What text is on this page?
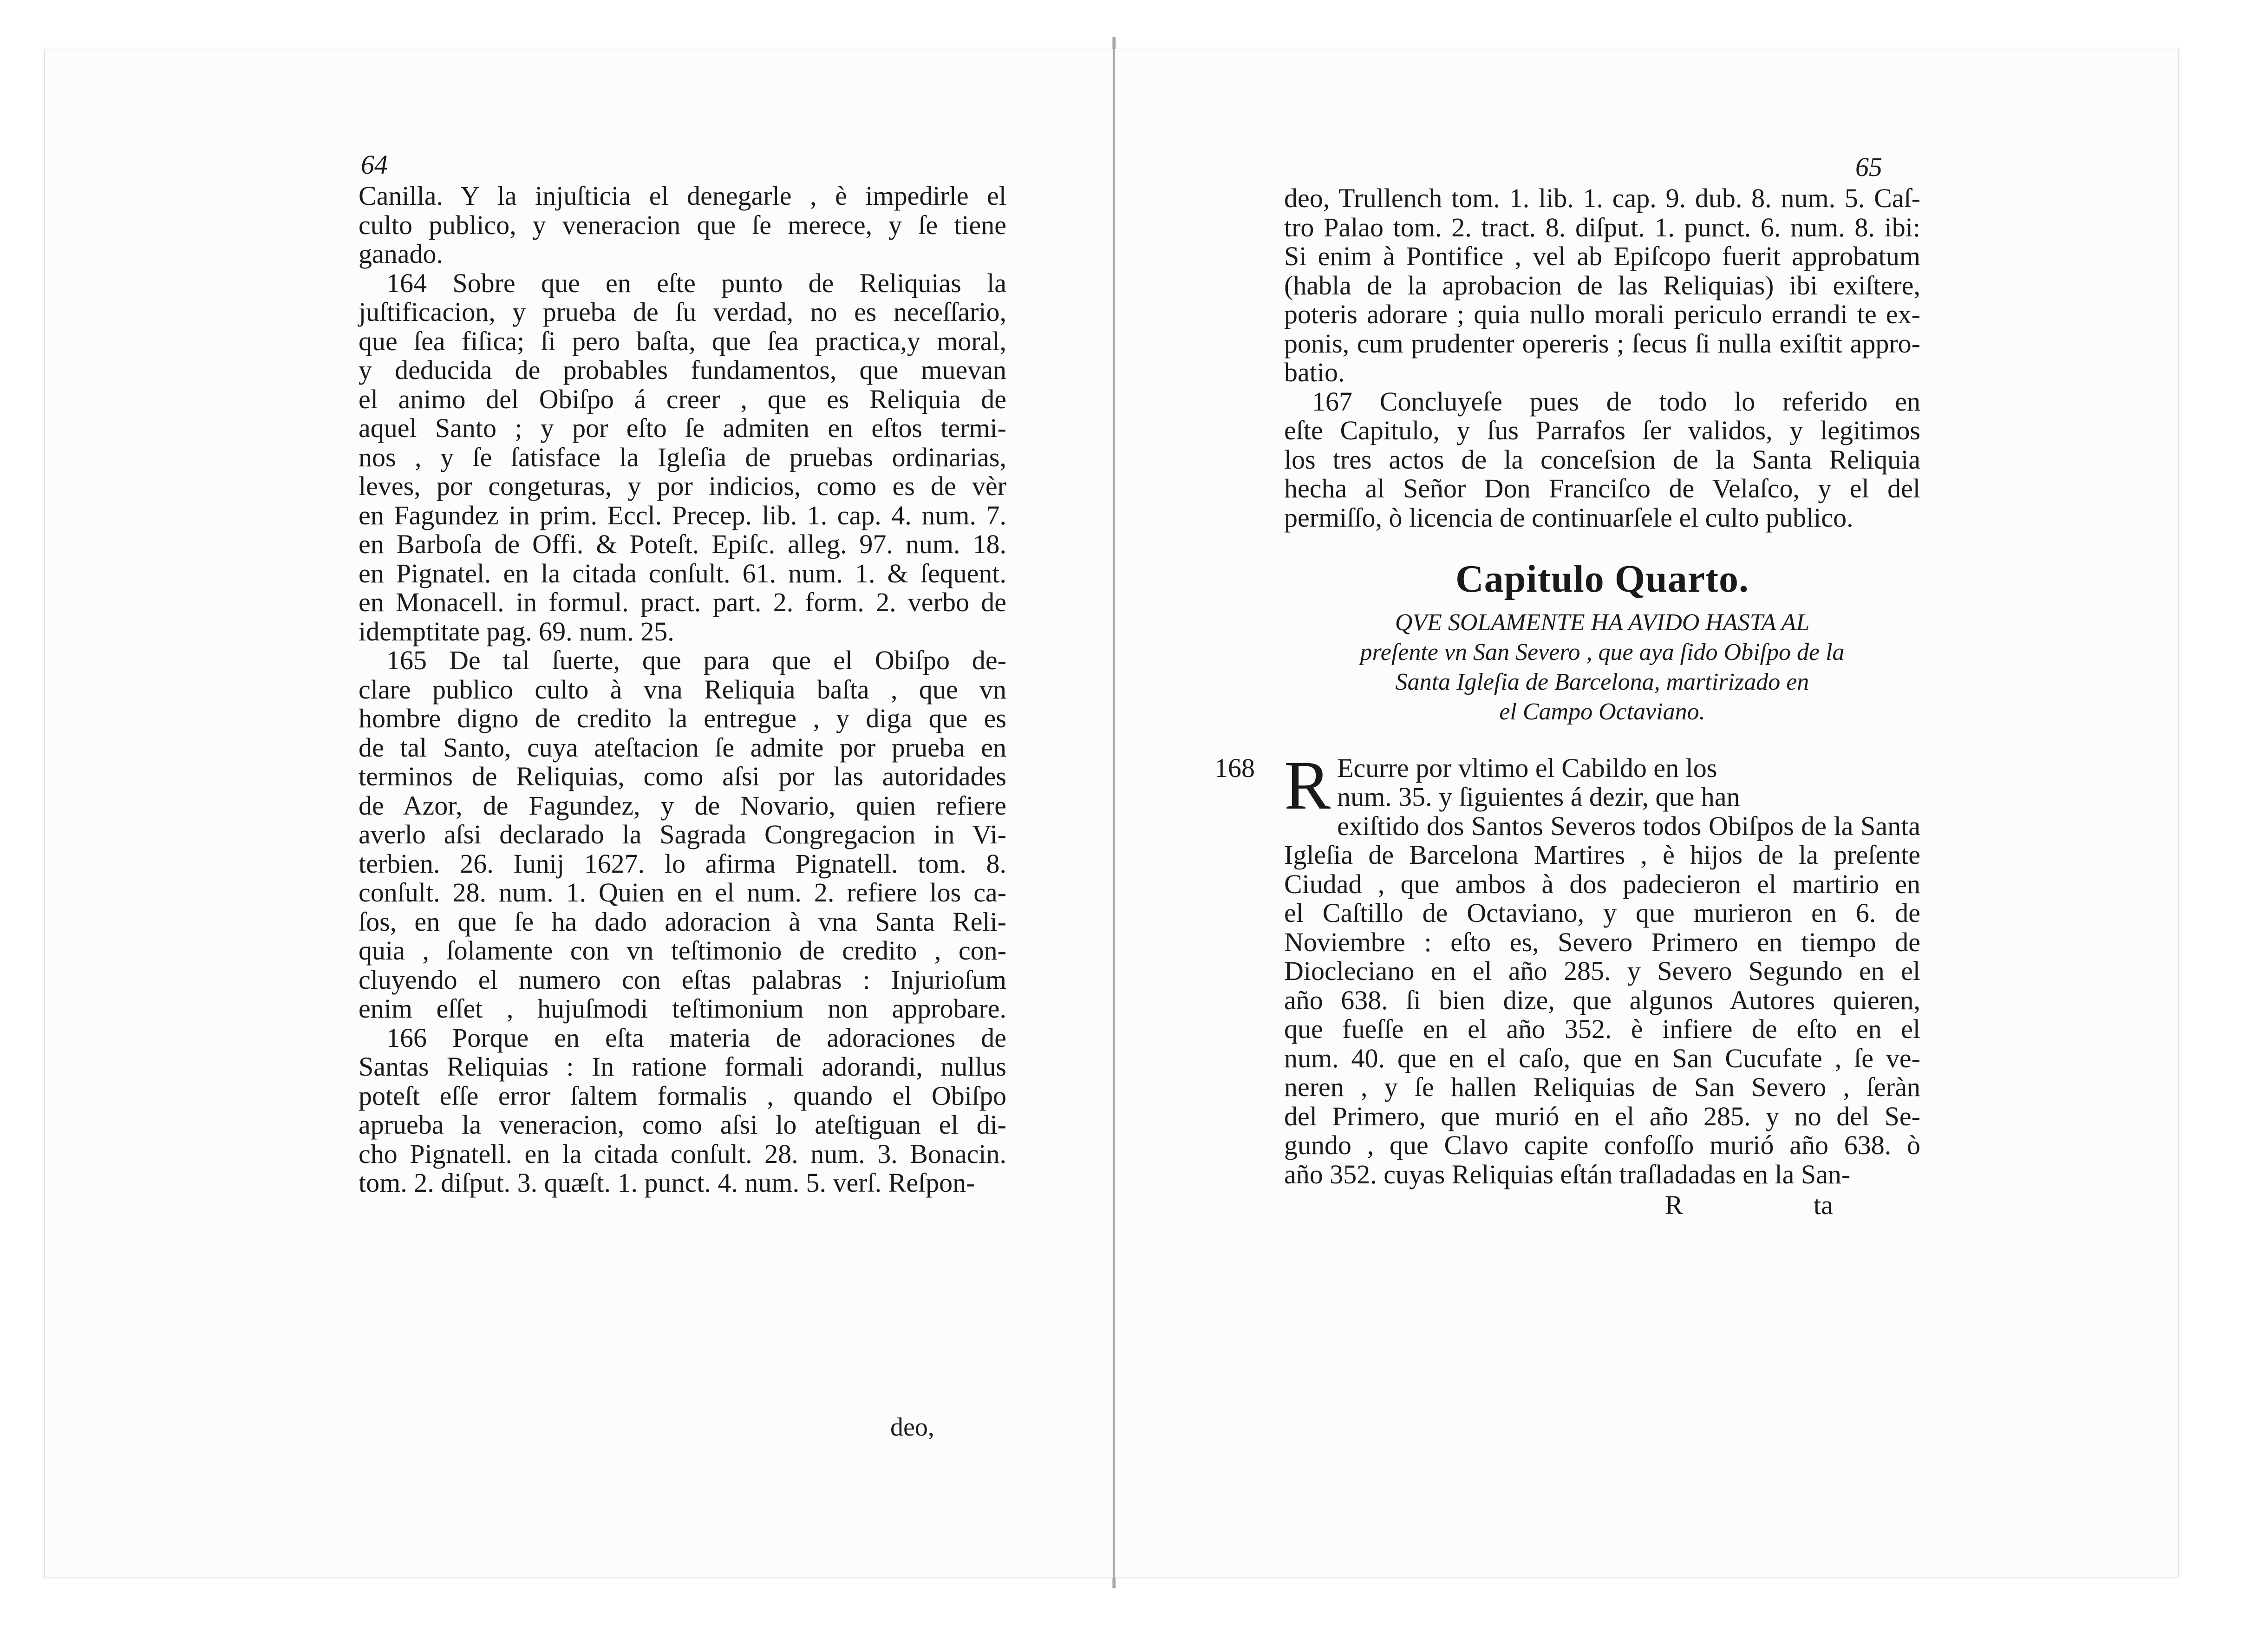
64
Canilla. Y la injuſticia el denegarle , è impedirle el
culto publico, y veneracion que ſe merece, y ſe tiene
ganado.
164 Sobre que en eſte punto de Reliquias la
juſtificacion, y prueba de ſu verdad, no es neceſſario,
que ſea fiſica; ſi pero baſta, que ſea practica,y moral,
y deducida de probables fundamentos, que muevan
el animo del Obiſpo á creer , que es Reliquia de
aquel Santo ; y por eſto ſe admiten en eſtos termi-
nos , y ſe ſatisface la Igleſia de pruebas ordinarias,
leves, por congeturas, y por indicios, como es de vèr
en Fagundez in prim. Eccl. Precep. lib. 1. cap. 4. num. 7.
en Barboſa de Offi. & Poteſt. Epiſc. alleg. 97. num. 18.
en Pignatel. en la citada conſult. 61. num. 1. & ſequent.
en Monacell. in formul. pract. part. 2. form. 2. verbo de
idemptitate pag. 69. num. 25.
165 De tal ſuerte, que para que el Obiſpo de-
clare publico culto à vna Reliquia baſta , que vn
hombre digno de credito la entregue , y diga que es
de tal Santo, cuya ateſtacion ſe admite por prueba en
terminos de Reliquias, como aſsi por las autoridades
de Azor, de Fagundez, y de Novario, quien refiere
averlo aſsi declarado la Sagrada Congregacion in Vi-
terbien. 26. Iunij 1627. lo afirma Pignatell. tom. 8.
conſult. 28. num. 1. Quien en el num. 2. refiere los ca-
ſos, en que ſe ha dado adoracion à vna Santa Reli-
quia , ſolamente con vn teſtimonio de credito , con-
cluyendo el numero con eſtas palabras : Injurioſum
enim eſſet , hujuſmodi teſtimonium non approbare.
166 Porque en eſta materia de adoraciones de
Santas Reliquias : In ratione formali adorandi, nullus
poteſt eſſe error ſaltem formalis , quando el Obiſpo
aprueba la veneracion, como aſsi lo ateſtiguan el di-
cho Pignatell. en la citada conſult. 28. num. 3. Bonacin.
tom. 2. diſput. 3. quæſt. 1. punct. 4. num. 5. verſ. Reſpon-
deo,
65
deo, Trullench tom. 1. lib. 1. cap. 9. dub. 8. num. 5. Caſ-
tro Palao tom. 2. tract. 8. diſput. 1. punct. 6. num. 8. ibi:
Si enim à Pontifice , vel ab Epiſcopo fuerit approbatum
(habla de la aprobacion de las Reliquias) ibi exiſtere,
poteris adorare ; quia nullo morali periculo errandi te ex-
ponis, cum prudenter opereris ; ſecus ſi nulla exiſtit appro-
batio.
167 Concluyeſe pues de todo lo referido en
eſte Capitulo, y ſus Parrafos ſer validos, y legitimos
los tres actos de la conceſsion de la Santa Reliquia
hecha al Señor Don Franciſco de Velaſco, y el del
permiſſo, ò licencia de continuarſele el culto publico.
Capitulo Quarto.
QVE SOLAMENTE HA AVIDO HASTA AL
preſente vn San Severo , que aya ſido Obiſpo de la
Santa Igleſia de Barcelona, martirizado en
el Campo Octaviano.
168 R Ecurre por vltimo el Cabildo en los
num. 35. y ſiguientes á dezir, que han
exiſtido dos Santos Severos todos Obiſpos de la Santa
Igleſia de Barcelona Martires , è hijos de la preſente
Ciudad , que ambos à dos padecieron el martirio en
el Caſtillo de Octaviano, y que murieron en 6. de
Noviembre : eſto es, Severo Primero en tiempo de
Diocleciano en el año 285. y Severo Segundo en el
año 638. ſi bien dize, que algunos Autores quieren,
que fueſſe en el año 352. è infiere de eſto en el
num. 40. que en el caſo, que en San Cucufate , ſe ve-
neren , y ſe hallen Reliquias de San Severo , ſeràn
del Primero, que murió en el año 285. y no del Se-
gundo , que Clavo capite confoſſo murió año 638. ò
año 352. cuyas Reliquias eſtán traſladadas en la San-
R	ta
